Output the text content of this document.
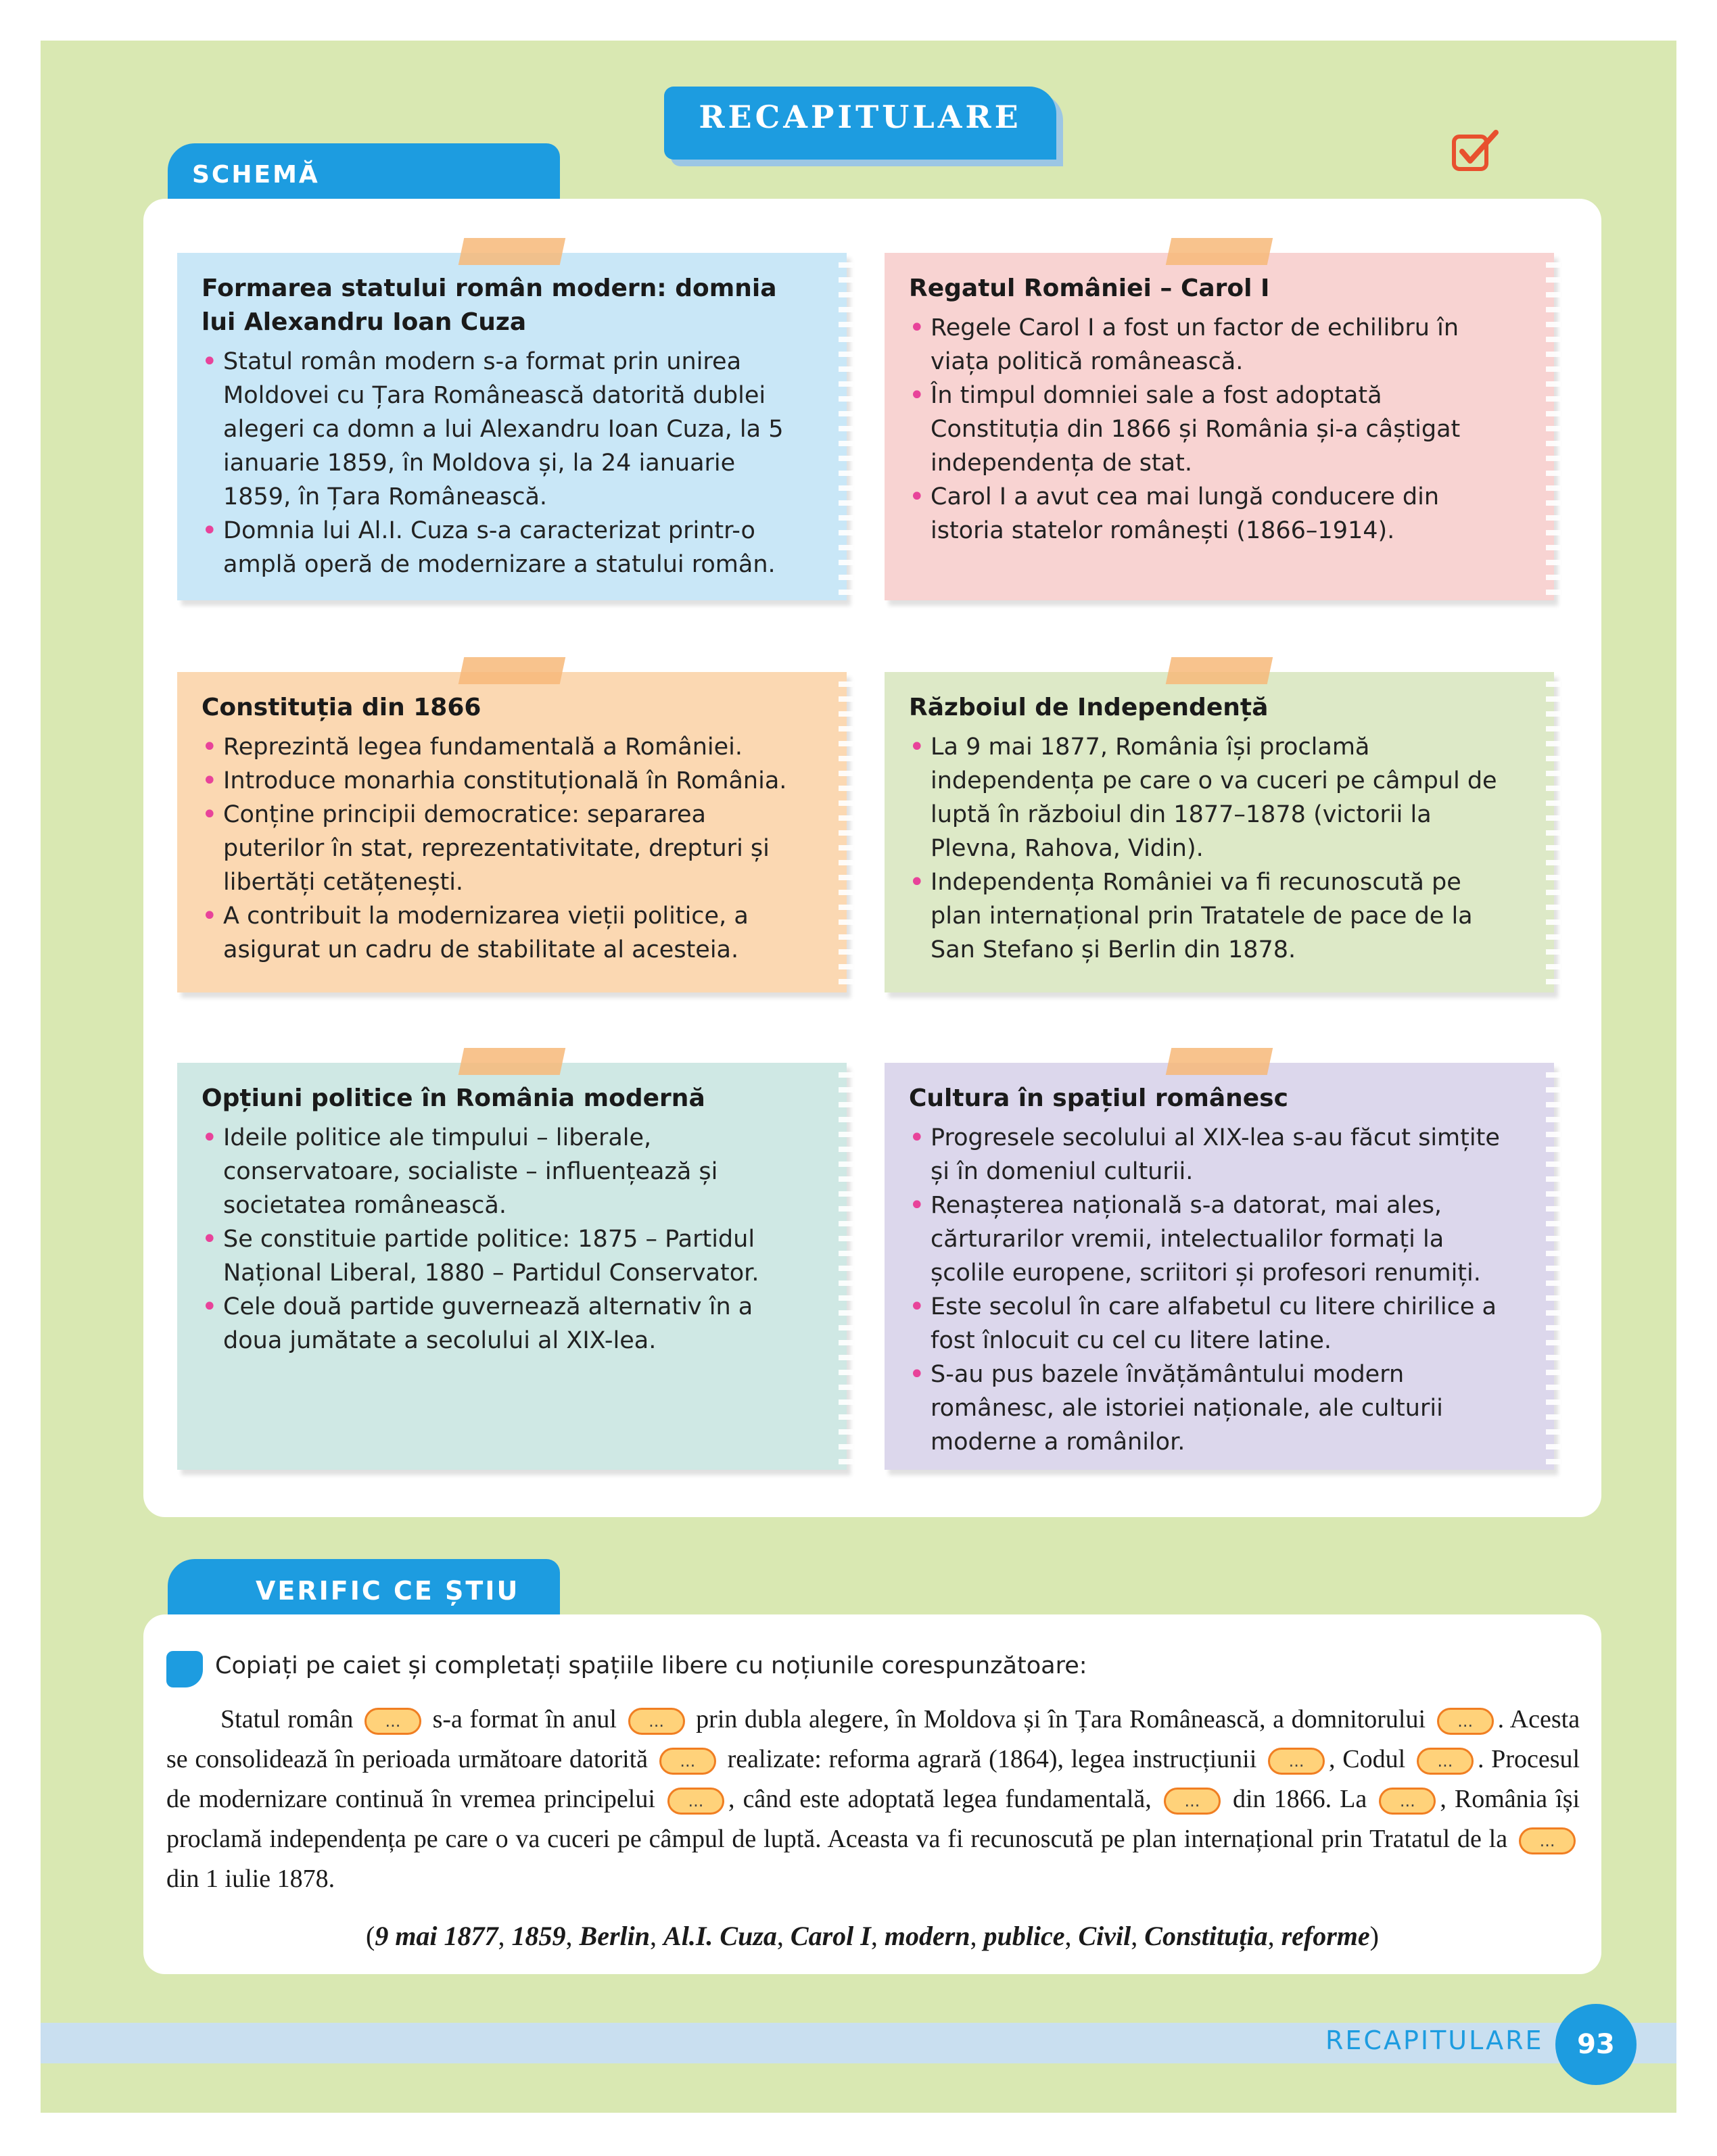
RECAPITULARE
SCHEMĂ
Formarea statului român modern: domnia lui Alexandru Ioan Cuza
• Statul român modern s-a format prin unirea Moldovei cu Țara Românească datorită dublei alegeri ca domn a lui Alexandru Ioan Cuza, la 5 ianuarie 1859, în Moldova și, la 24 ianuarie 1859, în Țara Românească.
• Domnia lui Al.I. Cuza s-a caracterizat printr-o amplă operă de modernizare a statului român.
Regatul României – Carol I
• Regele Carol I a fost un factor de echilibru în viața politică românească.
• În timpul domniei sale a fost adoptată Constituția din 1866 și România și-a câștigat independența de stat.
• Carol I a avut cea mai lungă conducere din istoria statelor românești (1866–1914).
Constituția din 1866
• Reprezintă legea fundamentală a României.
• Introduce monarhia constituțională în România.
• Conține principii democratice: separarea puterilor în stat, reprezentativitate, drepturi și libertăți cetățenești.
• A contribuit la modernizarea vieții politice, a asigurat un cadru de stabilitate al acesteia.
Războiul de Independență
• La 9 mai 1877, România își proclamă independența pe care o va cuceri pe câmpul de luptă în războiul din 1877–1878 (victorii la Plevna, Rahova, Vidin).
• Independența României va fi recunoscută pe plan internațional prin Tratatele de pace de la San Stefano și Berlin din 1878.
Opțiuni politice în România modernă
• Ideile politice ale timpului – liberale, conservatoare, socialiste – influențează și societatea românească.
• Se constituie partide politice: 1875 – Partidul Național Liberal, 1880 – Partidul Conservator.
• Cele două partide guvernează alternativ în a doua jumătate a secolului al XIX-lea.
Cultura în spațiul românesc
• Progresele secolului al XIX-lea s-au făcut simțite și în domeniul culturii.
• Renașterea națională s-a datorat, mai ales, cărturarilor vremii, intelectualilor formați la școlile europene, scriitori și profesori renumiți.
• Este secolul în care alfabetul cu litere chirilice a fost înlocuit cu cel cu litere latine.
• S-au pus bazele învățământului modern românesc, ale istoriei naționale, ale culturii moderne a românilor.
VERIFIC CE ȘTIU
Copiați pe caiet și completați spațiile libere cu noțiunile corespunzătoare:
Statul român ... s-a format în anul ... prin dubla alegere, în Moldova și în Țara Românească, a domnitorului ... . Acesta se consolidează în perioada următoare datorită ... realizate: reforma agrară (1864), legea instrucțiunii ... , Codul ... . Procesul de modernizare continuă în vremea principelui ... , când este adoptată legea fundamentală, ... din 1866. La ... , România își proclamă independența pe care o va cuceri pe câmpul de luptă. Aceasta va fi recunoscută pe plan internațional prin Tratatul de la ... din 1 iulie 1878.
(9 mai 1877, 1859, Berlin, Al.I. Cuza, Carol I, modern, publice, Civil, Constituția, reforme)
RECAPITULARE	93
